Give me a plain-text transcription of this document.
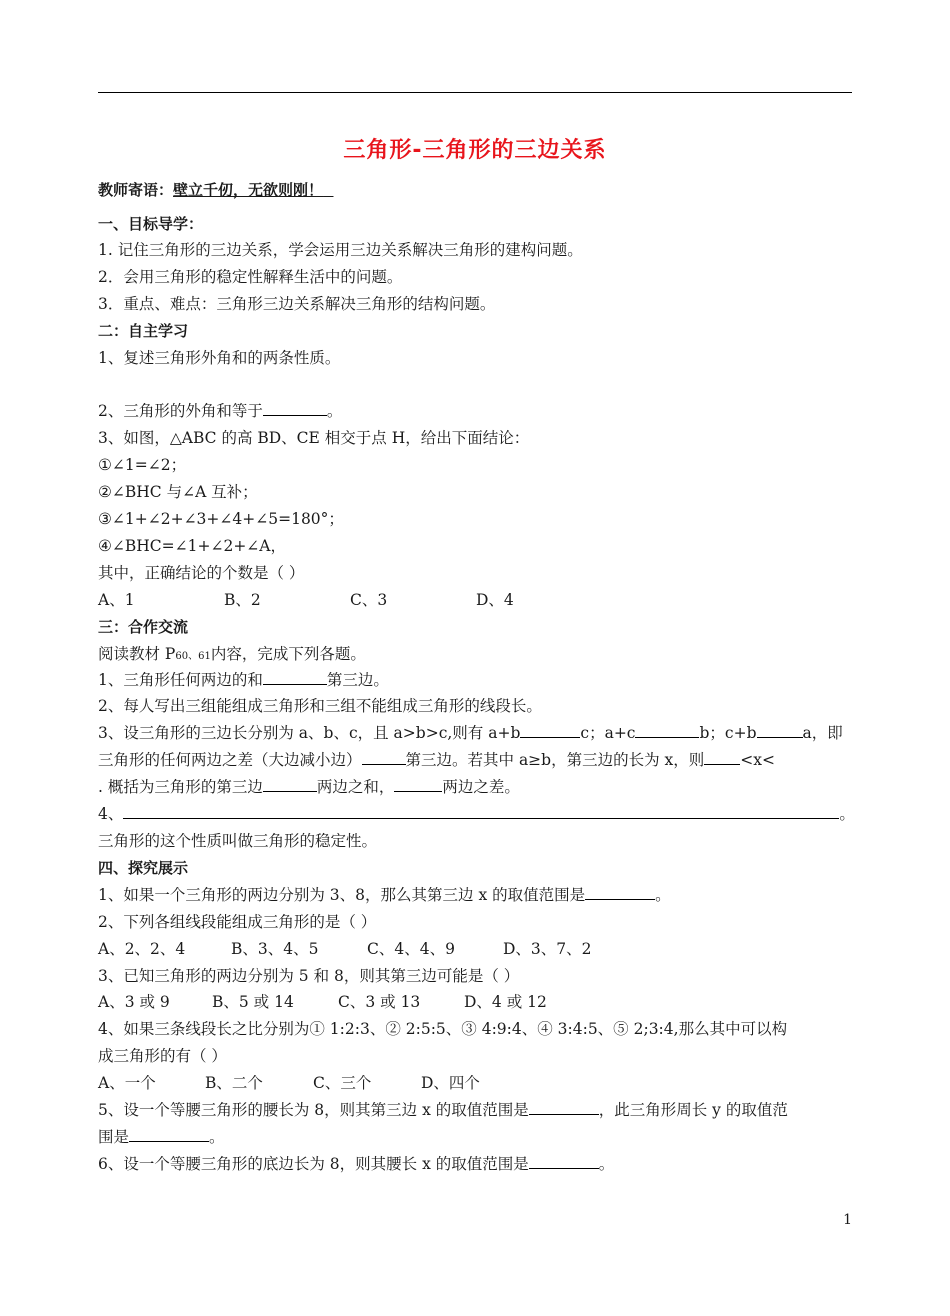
三角形-三角形的三边关系
教师寄语：壁立千仞，无欲则刚！
一、目标导学：
1. 记住三角形的三边关系，学会运用三边关系解决三角形的建构问题。
2．会用三角形的稳定性解释生活中的问题。
3．重点、难点：三角形三边关系解决三角形的结构问题。
二：自主学习
1、复述三角形外角和的两条性质。
2、三角形的外角和等于	。
3、如图，△ABC 的高 BD、CE 相交于点 H，给出下面结论：
①∠1=∠2；
②∠BHC 与∠A 互补；
③∠1+∠2+∠3+∠4+∠5=180°；
④∠BHC=∠1+∠2+∠A，
其中，正确结论的个数是（ ）
A、1	B、2	C、3	D、4
三：合作交流
阅读教材 P60、61内容，完成下列各题。
1、三角形任何两边的和	第三边。
2、每人写出三组能组成三角形和三组不能组成三角形的线段长。
3、设三角形的三边长分别为 a、b、c，且 a>b>c,则有 a+b	c；a+c	b；c+b	a，即
三角形的任何两边之差（大边减小边）	第三边。若其中 a≥b，第三边的长为 x，则 <x<
. 概括为三角形的第三边	两边之和，	两边之差。
4、	。
三角形的这个性质叫做三角形的稳定性。
四、探究展示
1、如果一个三角形的两边分别为 3、8，那么其第三边 x 的取值范围是	。
2、下列各组线段能组成三角形的是（ ）
A、2、2、4	B、3、4、5	C、4、4、9	D、3、7、2
3、已知三角形的两边分别为 5 和 8，则其第三边可能是（ ）
A、3 或 9	B、5 或 14	C、3 或 13	D、4 或 12
4、如果三条线段长之比分别为① 1:2:3、② 2:5:5、③ 4:9:4、④ 3:4:5、⑤ 2;3:4,那么其中可以构
成三角形的有（ ）
A、一个	B、二个	C、三个	D、四个
5、设一个等腰三角形的腰长为 8，则其第三边 x 的取值范围是	，此三角形周长 y 的取值范
围是	。
6、设一个等腰三角形的底边长为 8，则其腰长 x 的取值范围是	。
1
